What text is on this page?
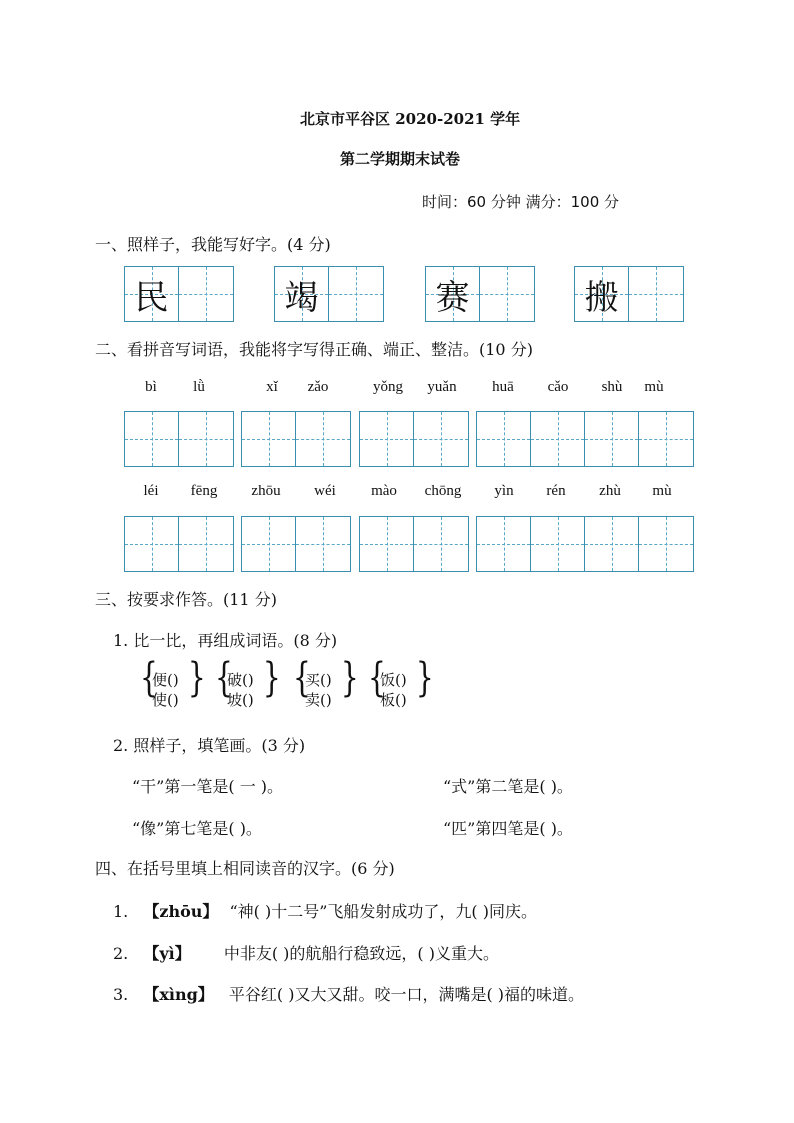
北京市平谷区 2020-2021 学年
第二学期期末试卷
时间：60 分钟 满分：100 分
一、照样子，我能写好字。(4 分)
民	竭	赛	搬
二、看拼音写词语，我能将字写得正确、端正、整洁。(10 分)
bì lǜ	xǐ zǎo	yǒng yuǎn huā cǎo shù mù
léi fēng zhōu wéi mào chōng yìn rén zhù mù
三、按要求作答。(11 分)
1. 比一比，再组成词语。(8 分)
{
便()
使() } {
破()
坡() } {
买()
卖() } {
饭()
板() }
2. 照样子，填笔画。(3 分)
“干”第一笔是( 一 )。	“式”第二笔是( )。
“像”第七笔是( )。	“匹”第四笔是( )。
四、在括号里填上相同读音的汉字。(6 分)
1. 【zhōu】 “神( )十二号”飞船发射成功了，九( )同庆。
2. 【yì】 中非友( )的航船行稳致远，( )义重大。
3. 【xìng】 平谷红( )又大又甜。咬一口，满嘴是( )福的味道。
